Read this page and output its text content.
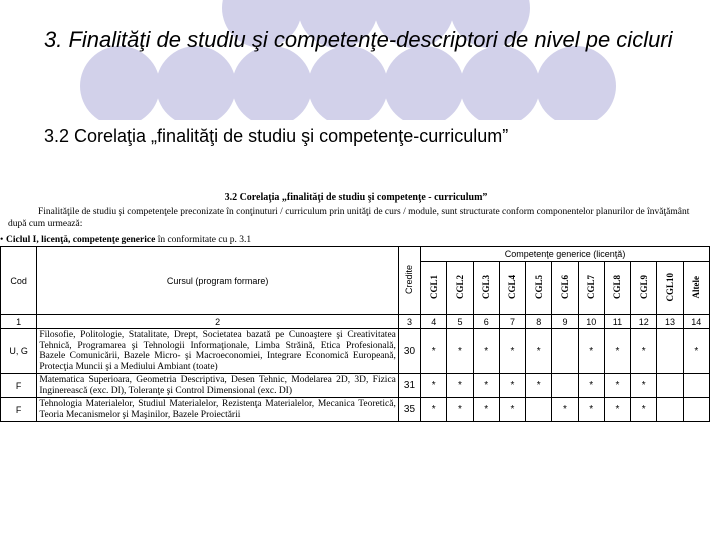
3. Finalităţi de studiu şi competenţe-descriptori de nivel pe cicluri
3.2 Corelaţia „finalităţi de studiu şi competenţe-curriculum”
3.2 Corelaţia „finalităţi de studiu şi competenţe - curriculum”
Finalităţile de studiu şi competenţele preconizate în conţinuturi / curriculum prin unităţi de curs / module, sunt structurate conform componentelor planurilor de învăţământ după cum urmează:
• Ciclul I, licenţă, competenţe generice în conformitate cu p. 3.1
Cod	Cursul (program formare)	Credite	Competenţe generice (licenţă)										
			CGL1	CGL2	CGL3	CGL4	CGL5	CGL6	CGL7	CGL8	CGL9	CGL10	Altele
1	2	3	4	5	6	7	8	9	10	11	12	13	14
U, G	Filosofie, Politologie, Statalitate, Drept, Societatea bazată pe Cunoaştere şi Creativitatea Tehnică, Programarea şi Tehnologii Informaţionale, Limba Străină, Etica Profesională, Bazele Comunicării, Bazele Micro- şi Macroeconomiei, Integrare Economică Europeană, Protecţia Muncii şi a Mediului Ambiant (toate)	30	*	*	*	*	*		*	*	*		*
F	Matematica Superioara, Geometria Descriptiva, Desen Tehnic, Modelarea 2D, 3D, Fizica Inginerească (exc. DI), Toleranţe şi Control Dimensional (exc. DI)	31	*	*	*	*	*		*	*	*		
F	Tehnologia Materialelor, Studiul Materialelor, Rezistenţa Materialelor, Mecanica Teoretică, Teoria Mecanismelor şi Maşinilor, Bazele Proiectării	35	*	*	*	*		*	*	*	*		
